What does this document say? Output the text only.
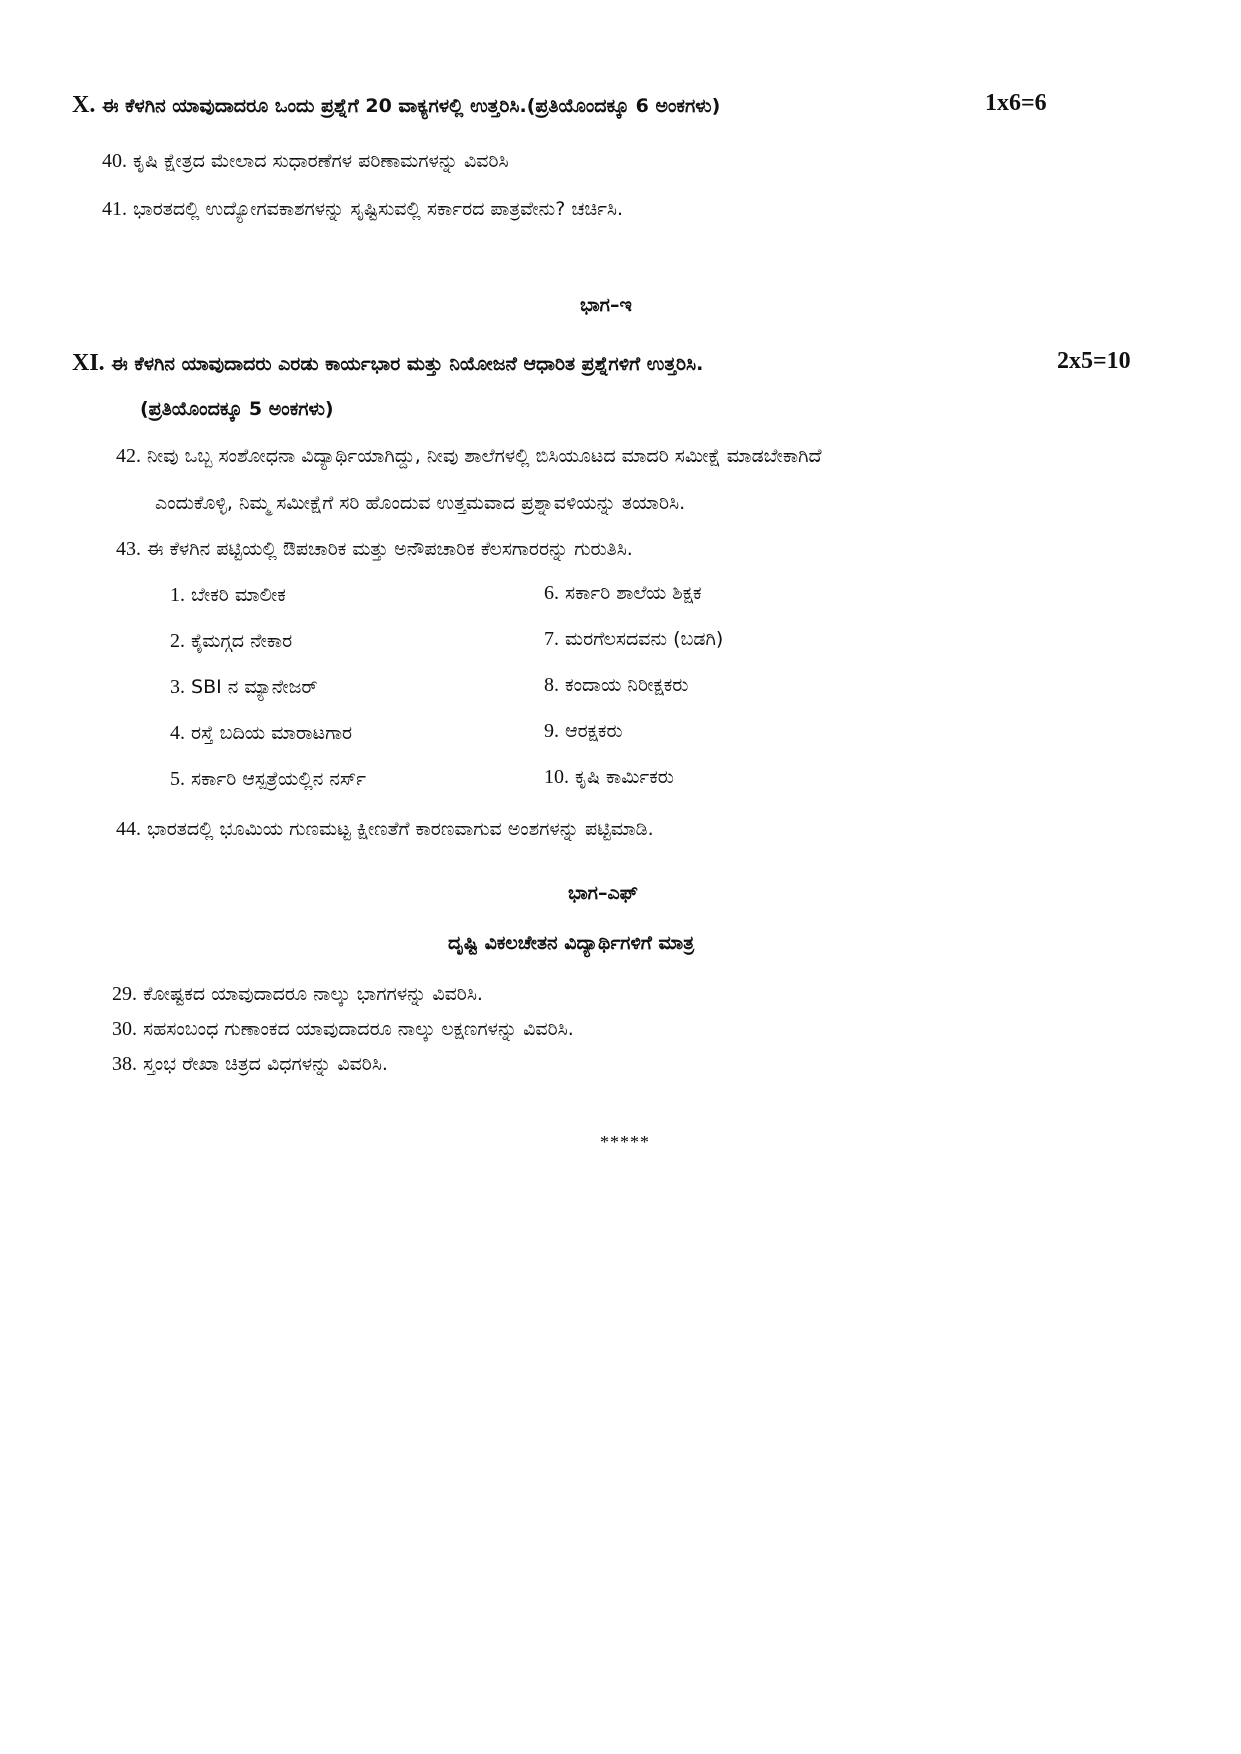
X. ಈ ಕೆಳಗಿನ ಯಾವುದಾದರೂ ಒಂದು ಪ್ರಶ್ನೆಗೆ 20 ವಾಕ್ಯಗಳಲ್ಲಿ ಉತ್ತರಿಸಿ.(ಪ್ರತಿಯೊಂದಕ್ಕೂ 6 ಅಂಕಗಳು)	1x6=6
40. ಕೃಷಿ ಕ್ಷೇತ್ರದ ಮೇಲಾದ ಸುಧಾರಣೆಗಳ ಪರಿಣಾಮಗಳನ್ನು ವಿವರಿಸಿ
41. ಭಾರತದಲ್ಲಿ ಉದ್ಯೋಗವಕಾಶಗಳನ್ನು ಸೃಷ್ಟಿಸುವಲ್ಲಿ ಸರ್ಕಾರದ ಪಾತ್ರವೇನು? ಚರ್ಚಿಸಿ.
ಭಾಗ–ಇ
XI. ಈ ಕೆಳಗಿನ ಯಾವುದಾದರು ಎರಡು ಕಾರ್ಯಭಾರ ಮತ್ತು ನಿಯೋಜನೆ ಆಧಾರಿತ ಪ್ರಶ್ನೆಗಳಿಗೆ ಉತ್ತರಿಸಿ.	2x5=10
(ಪ್ರತಿಯೊಂದಕ್ಕೂ 5 ಅಂಕಗಳು)
42. ನೀವು ಒಬ್ಬ ಸಂಶೋಧನಾ ವಿದ್ಯಾರ್ಥಿಯಾಗಿದ್ದು, ನೀವು ಶಾಲೆಗಳಲ್ಲಿ ಬಿಸಿಯೂಟದ ಮಾದರಿ ಸಮೀಕ್ಷೆ ಮಾಡಬೇಕಾಗಿದೆ
ಎಂದುಕೊಳ್ಳಿ, ನಿಮ್ಮ ಸಮೀಕ್ಷೆಗೆ ಸರಿ ಹೊಂದುವ ಉತ್ತಮವಾದ ಪ್ರಶ್ನಾವಳಿಯನ್ನು ತಯಾರಿಸಿ.
43. ಈ ಕೆಳಗಿನ ಪಟ್ಟಿಯಲ್ಲಿ ಔಪಚಾರಿಕ ಮತ್ತು ಅನೌಪಚಾರಿಕ ಕೆಲಸಗಾರರನ್ನು ಗುರುತಿಸಿ.
1. ಬೇಕರಿ ಮಾಲೀಕ
2. ಕೈಮಗ್ಗದ ನೇಕಾರ
3. SBI ನ ಮ್ಯಾನೇಜರ್
4. ರಸ್ತೆ ಬದಿಯ ಮಾರಾಟಗಾರ
5. ಸರ್ಕಾರಿ ಆಸ್ಪತ್ರೆಯಲ್ಲಿನ ನರ್ಸ್
6. ಸರ್ಕಾರಿ ಶಾಲೆಯ ಶಿಕ್ಷಕ
7. ಮರಗೆಲಸದವನು (ಬಡಗಿ)
8. ಕಂದಾಯ ನಿರೀಕ್ಷಕರು
9. ಆರಕ್ಷಕರು
10. ಕೃಷಿ ಕಾರ್ಮಿಕರು
44. ಭಾರತದಲ್ಲಿ ಭೂಮಿಯ ಗುಣಮಟ್ಟ ಕ್ಷೀಣತೆಗೆ ಕಾರಣವಾಗುವ ಅಂಶಗಳನ್ನು ಪಟ್ಟಿಮಾಡಿ.
ಭಾಗ–ಎಫ್
ದೃಷ್ಟಿ ವಿಕಲಚೇತನ ವಿದ್ಯಾರ್ಥಿಗಳಿಗೆ ಮಾತ್ರ
29. ಕೋಷ್ಟಕದ ಯಾವುದಾದರೂ ನಾಲ್ಕು ಭಾಗಗಳನ್ನು ವಿವರಿಸಿ.
30. ಸಹಸಂಬಂಧ ಗುಣಾಂಕದ ಯಾವುದಾದರೂ ನಾಲ್ಕು ಲಕ್ಷಣಗಳನ್ನು ವಿವರಿಸಿ.
38. ಸ್ತಂಭ ರೇಖಾ ಚಿತ್ರದ ವಿಧಗಳನ್ನು ವಿವರಿಸಿ.
*****
